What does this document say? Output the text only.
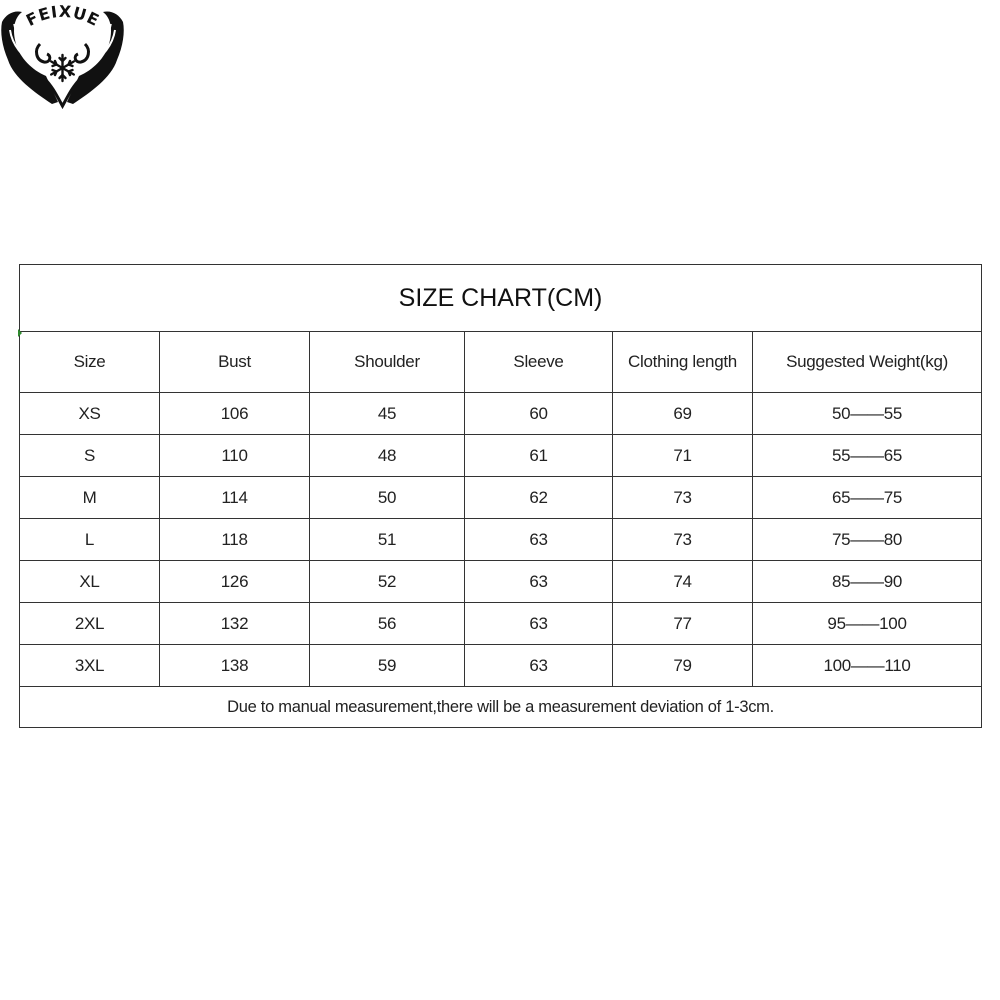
FEIXUE
SIZE CHART(CM)					
Size	Bust	Shoulder	Sleeve	Clothing length	Suggested Weight(kg)
XS	106	45	60	69	50——55
S	110	48	61	71	55——65
M	114	50	62	73	65——75
L	118	51	63	73	75——80
XL	126	52	63	74	85——90
2XL	132	56	63	77	95——100
3XL	138	59	63	79	100——110
Due to manual measurement,there will be a measurement deviation of 1-3cm.					
